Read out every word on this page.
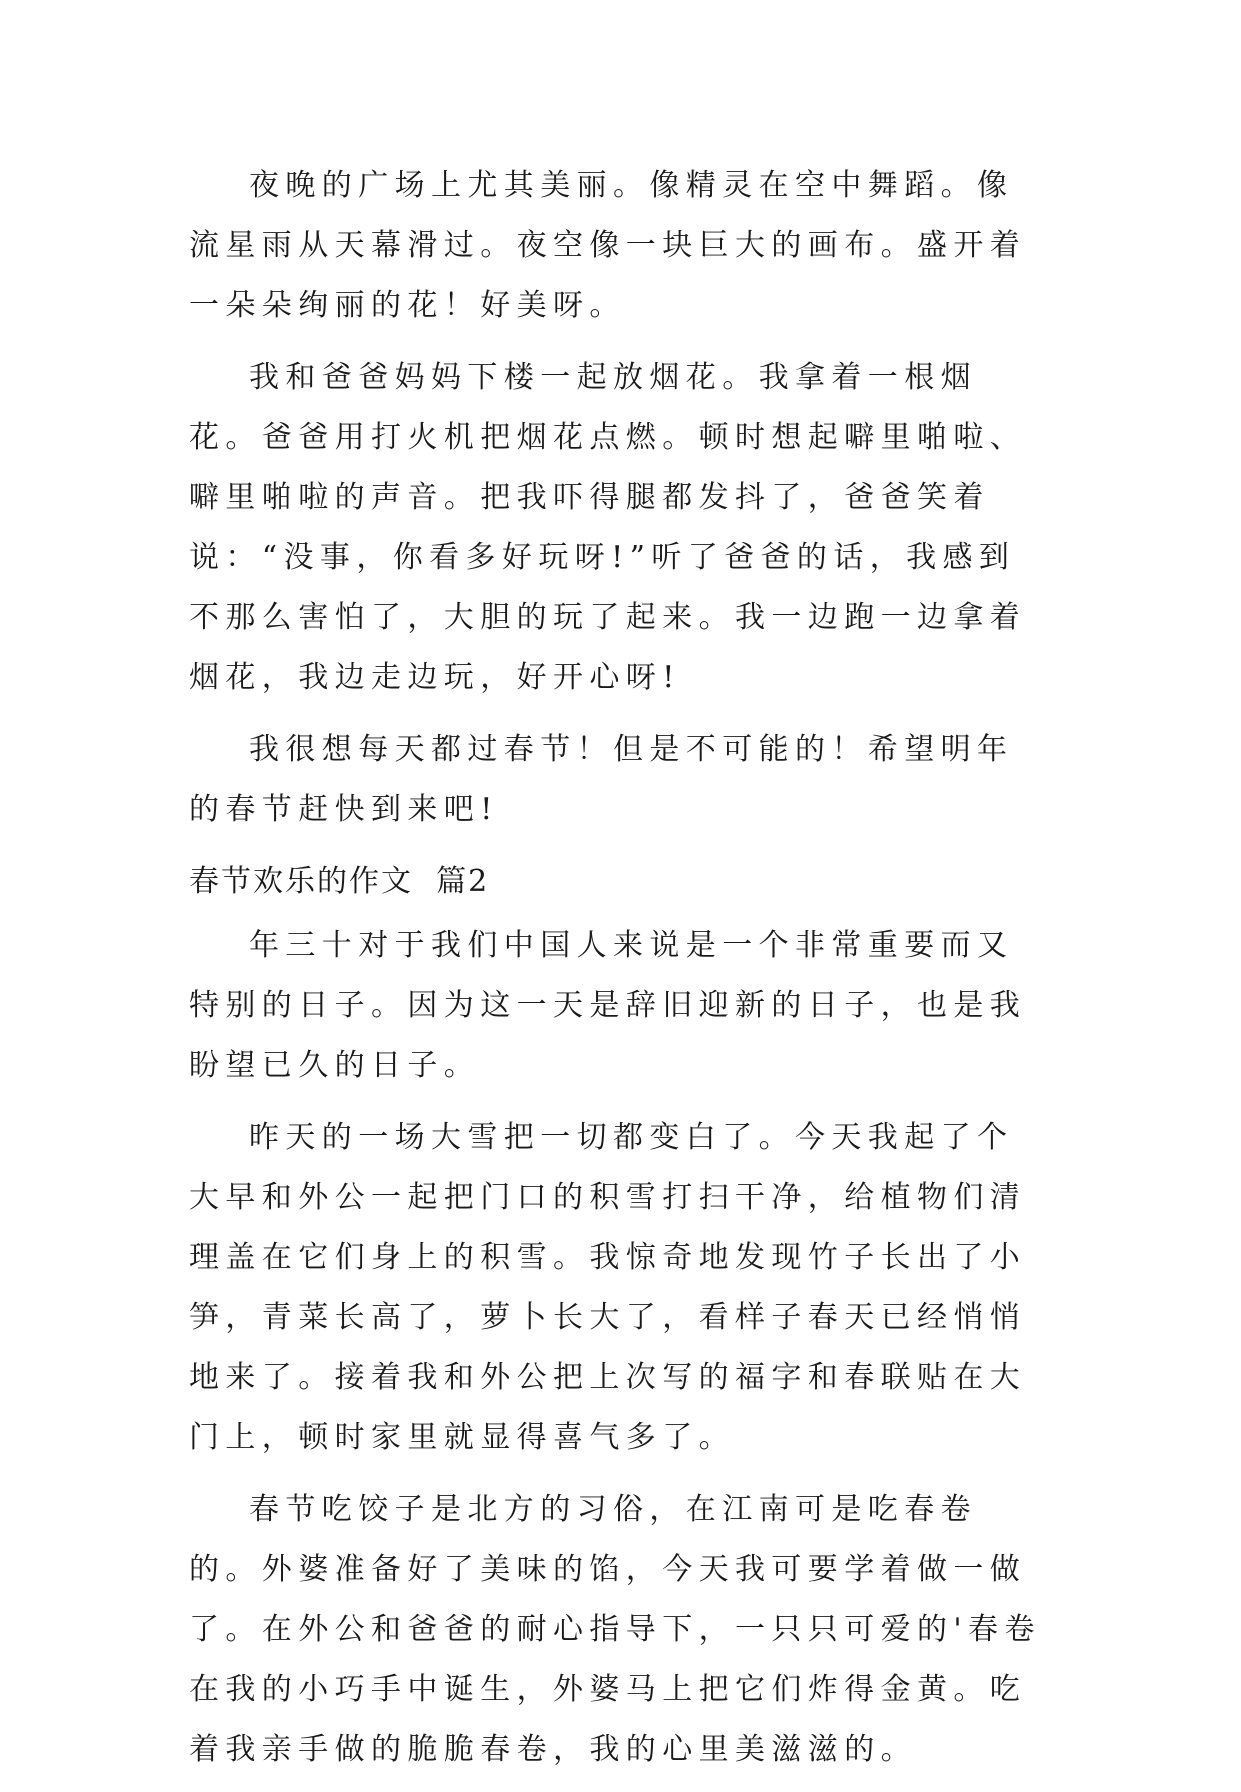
夜晚的广场上尤其美丽。像精灵在空中舞蹈。像流星雨从天幕滑过。夜空像一块巨大的画布。盛开着一朵朵绚丽的花！好美呀。

我和爸爸妈妈下楼一起放烟花。我拿着一根烟花。爸爸用打火机把烟花点燃。顿时想起噼里啪啦、噼里啪啦的声音。把我吓得腿都发抖了，爸爸笑着说：“没事，你看多好玩呀!”听了爸爸的话，我感到不那么害怕了，大胆的玩了起来。我一边跑一边拿着烟花，我边走边玩，好开心呀!

我很想每天都过春节！但是不可能的！希望明年的春节赶快到来吧!

春节欢乐的作文  篇2

年三十对于我们中国人来说是一个非常重要而又特别的日子。因为这一天是辞旧迎新的日子，也是我盼望已久的日子。

昨天的一场大雪把一切都变白了。今天我起了个大早和外公一起把门口的积雪打扫干净，给植物们清理盖在它们身上的积雪。我惊奇地发现竹子长出了小笋，青菜长高了，萝卜长大了，看样子春天已经悄悄地来了。接着我和外公把上次写的福字和春联贴在大门上，顿时家里就显得喜气多了。

春节吃饺子是北方的习俗，在江南可是吃春卷的。外婆准备好了美味的馅，今天我可要学着做一做了。在外公和爸爸的耐心指导下，一只只可爱的'春卷在我的小巧手中诞生，外婆马上把它们炸得金黄。吃着我亲手做的脆脆春卷，我的心里美滋滋的。
